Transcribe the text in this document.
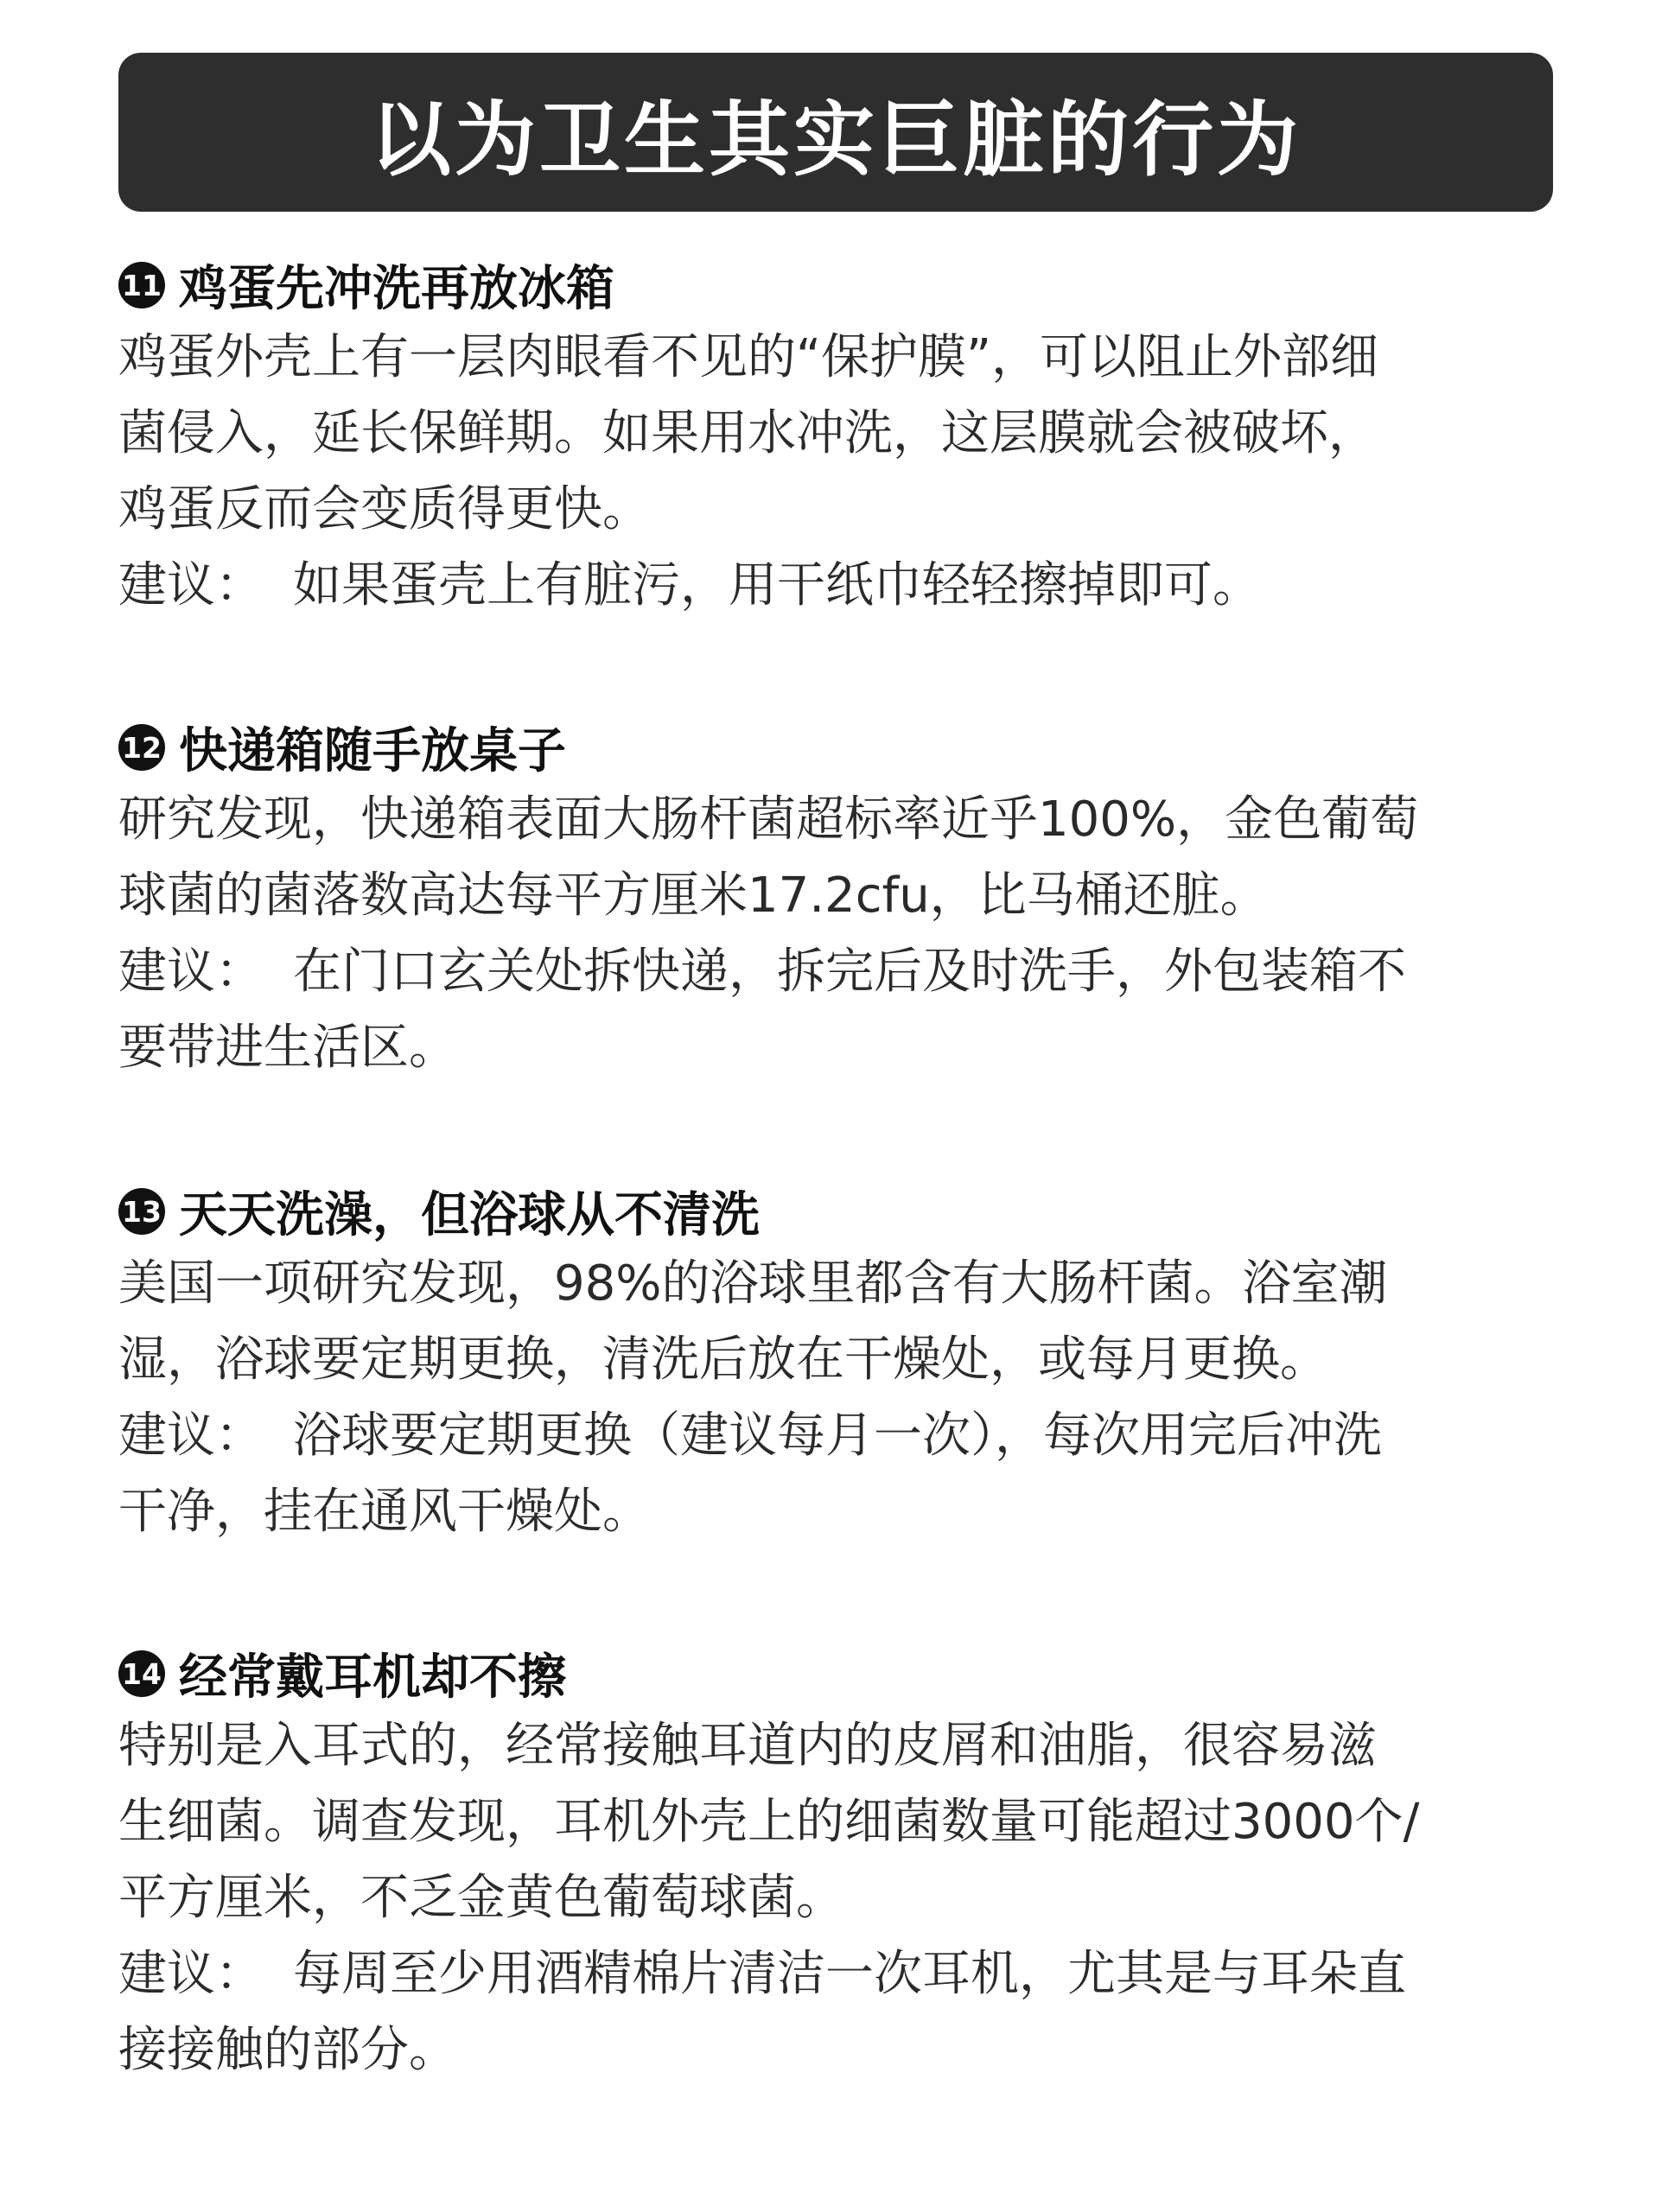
以为卫生其实巨脏的行为
11 鸡蛋先冲洗再放冰箱
鸡蛋外壳上有一层肉眼看不见的“保护膜”，可以阻止外部细
菌侵入，延长保鲜期。如果用水冲洗，这层膜就会被破坏，
鸡蛋反而会变质得更快。
建议： 如果蛋壳上有脏污，用干纸巾轻轻擦掉即可。
12 快递箱随手放桌子
研究发现，快递箱表面大肠杆菌超标率近乎100%，金色葡萄
球菌的菌落数高达每平方厘米17.2cfu，比马桶还脏。
建议： 在门口玄关处拆快递，拆完后及时洗手，外包装箱不
要带进生活区。
13 天天洗澡，但浴球从不清洗
美国一项研究发现，98%的浴球里都含有大肠杆菌。浴室潮
湿，浴球要定期更换，清洗后放在干燥处，或每月更换。
建议： 浴球要定期更换（建议每月一次），每次用完后冲洗
干净，挂在通风干燥处。
14 经常戴耳机却不擦
特别是入耳式的，经常接触耳道内的皮屑和油脂，很容易滋
生细菌。调查发现，耳机外壳上的细菌数量可能超过3000个/
平方厘米，不乏金黄色葡萄球菌。
建议： 每周至少用酒精棉片清洁一次耳机，尤其是与耳朵直
接接触的部分。
